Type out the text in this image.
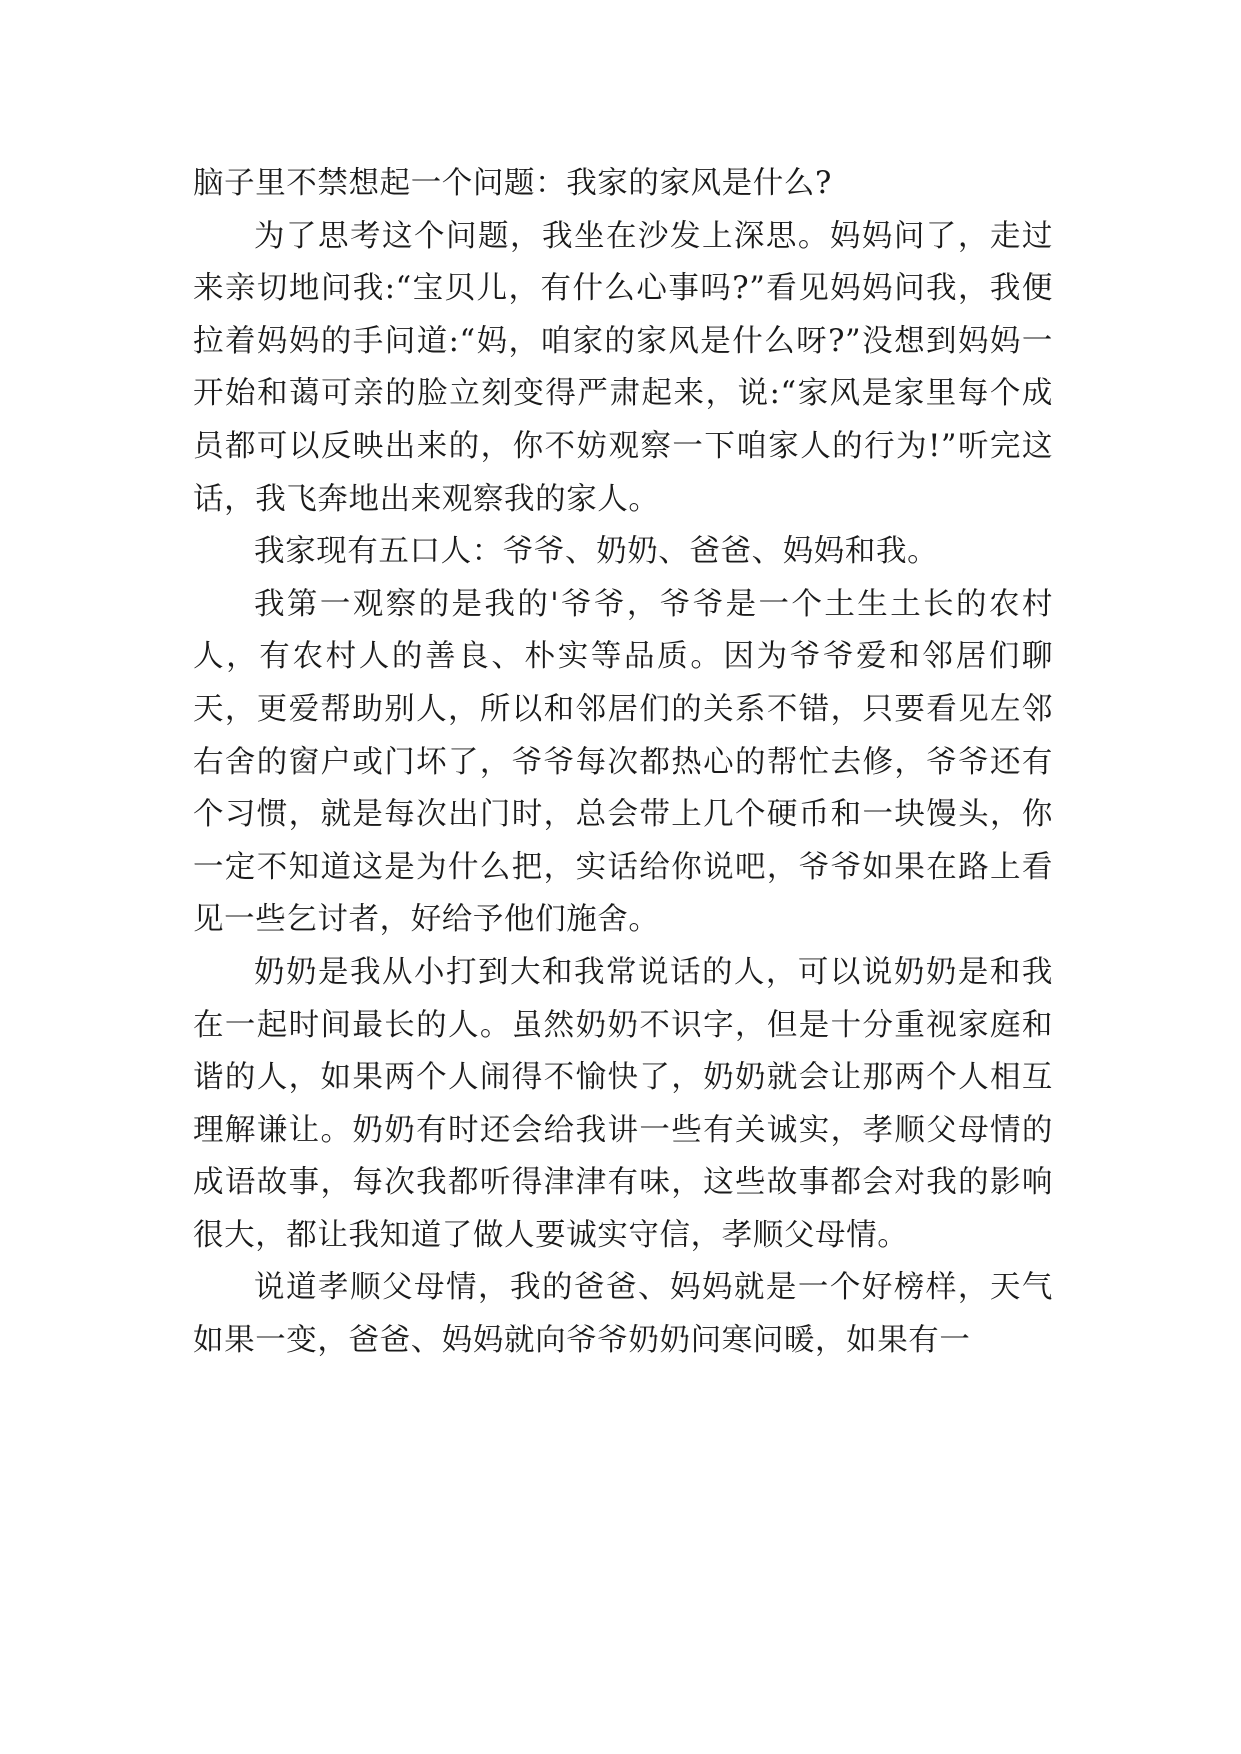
脑子里不禁想起一个问题：我家的家风是什么?

为了思考这个问题，我坐在沙发上深思。妈妈问了，走过来亲切地问我:“宝贝儿，有什么心事吗?”看见妈妈问我，我便拉着妈妈的手问道:“妈，咱家的家风是什么呀?”没想到妈妈一开始和蔼可亲的脸立刻变得严肃起来，说:“家风是家里每个成员都可以反映出来的，你不妨观察一下咱家人的行为!”听完这话，我飞奔地出来观察我的家人。

我家现有五口人：爷爷、奶奶、爸爸、妈妈和我。

我第一观察的是我的'爷爷，爷爷是一个土生土长的农村人，有农村人的善良、朴实等品质。因为爷爷爱和邻居们聊天，更爱帮助别人，所以和邻居们的关系不错，只要看见左邻右舍的窗户或门坏了，爷爷每次都热心的帮忙去修，爷爷还有个习惯，就是每次出门时，总会带上几个硬币和一块馒头，你一定不知道这是为什么把，实话给你说吧，爷爷如果在路上看见一些乞讨者，好给予他们施舍。

奶奶是我从小打到大和我常说话的人，可以说奶奶是和我在一起时间最长的人。虽然奶奶不识字，但是十分重视家庭和谐的人，如果两个人闹得不愉快了，奶奶就会让那两个人相互理解谦让。奶奶有时还会给我讲一些有关诚实，孝顺父母情的成语故事，每次我都听得津津有味，这些故事都会对我的影响很大，都让我知道了做人要诚实守信，孝顺父母情。

说道孝顺父母情，我的爸爸、妈妈就是一个好榜样，天气如果一变，爸爸、妈妈就向爷爷奶奶问寒问暖，如果有一
